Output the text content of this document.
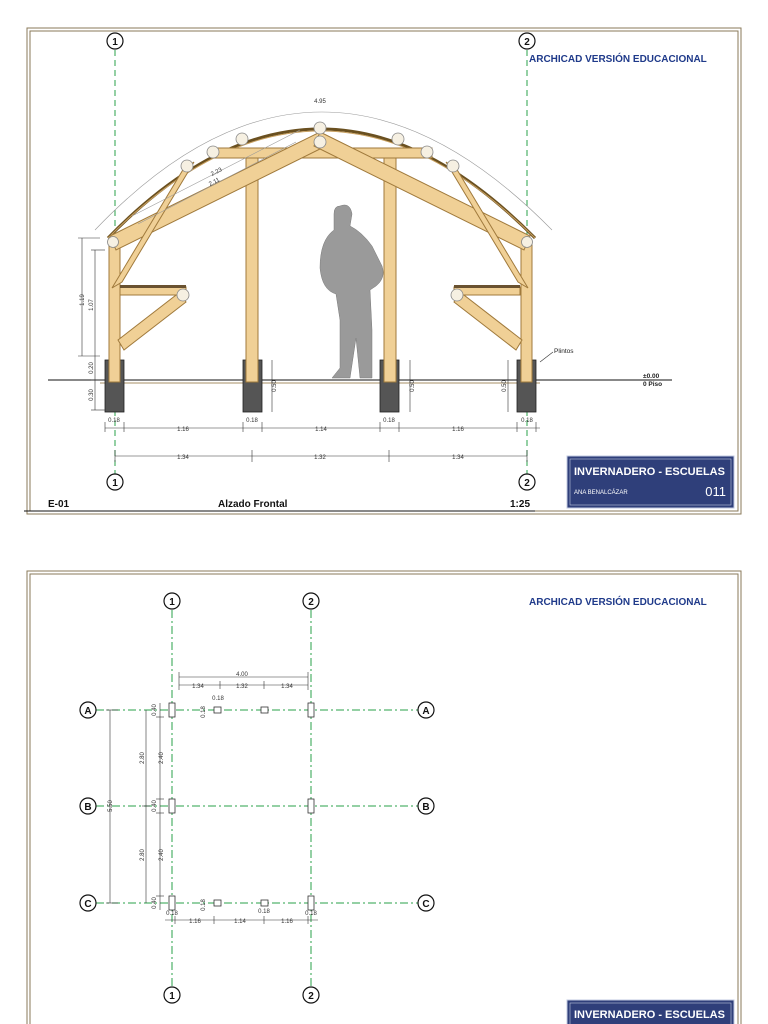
ARCHICAD VERSIÓN EDUCACIONAL
1	2
1	2
±0.00
0 Piso
Plintos
4.95
2.23
2.11
1.19 1.07
0.20
0.30
0.50	0.50	0.50
0.18	0.18	0.18	0.18
1.16	1.14	1.16
1.34	1.32	1.34
E-01	Alzado Frontal	1:25
INVERNADERO - ESCUELAS
ANA BENALCÁZAR	011
ARCHICAD VERSIÓN EDUCACIONAL
1	2
1	2
A
B
C
A
B
C
4.00
1.34	1.32	1.34
0.18
0.18
5.50
2.80
2.80
2.40
2.40
0.40
0.40
0.40
0.18	0.18	0.18
0.18
1.16	1.14	1.16
INVERNADERO - ESCUELAS
